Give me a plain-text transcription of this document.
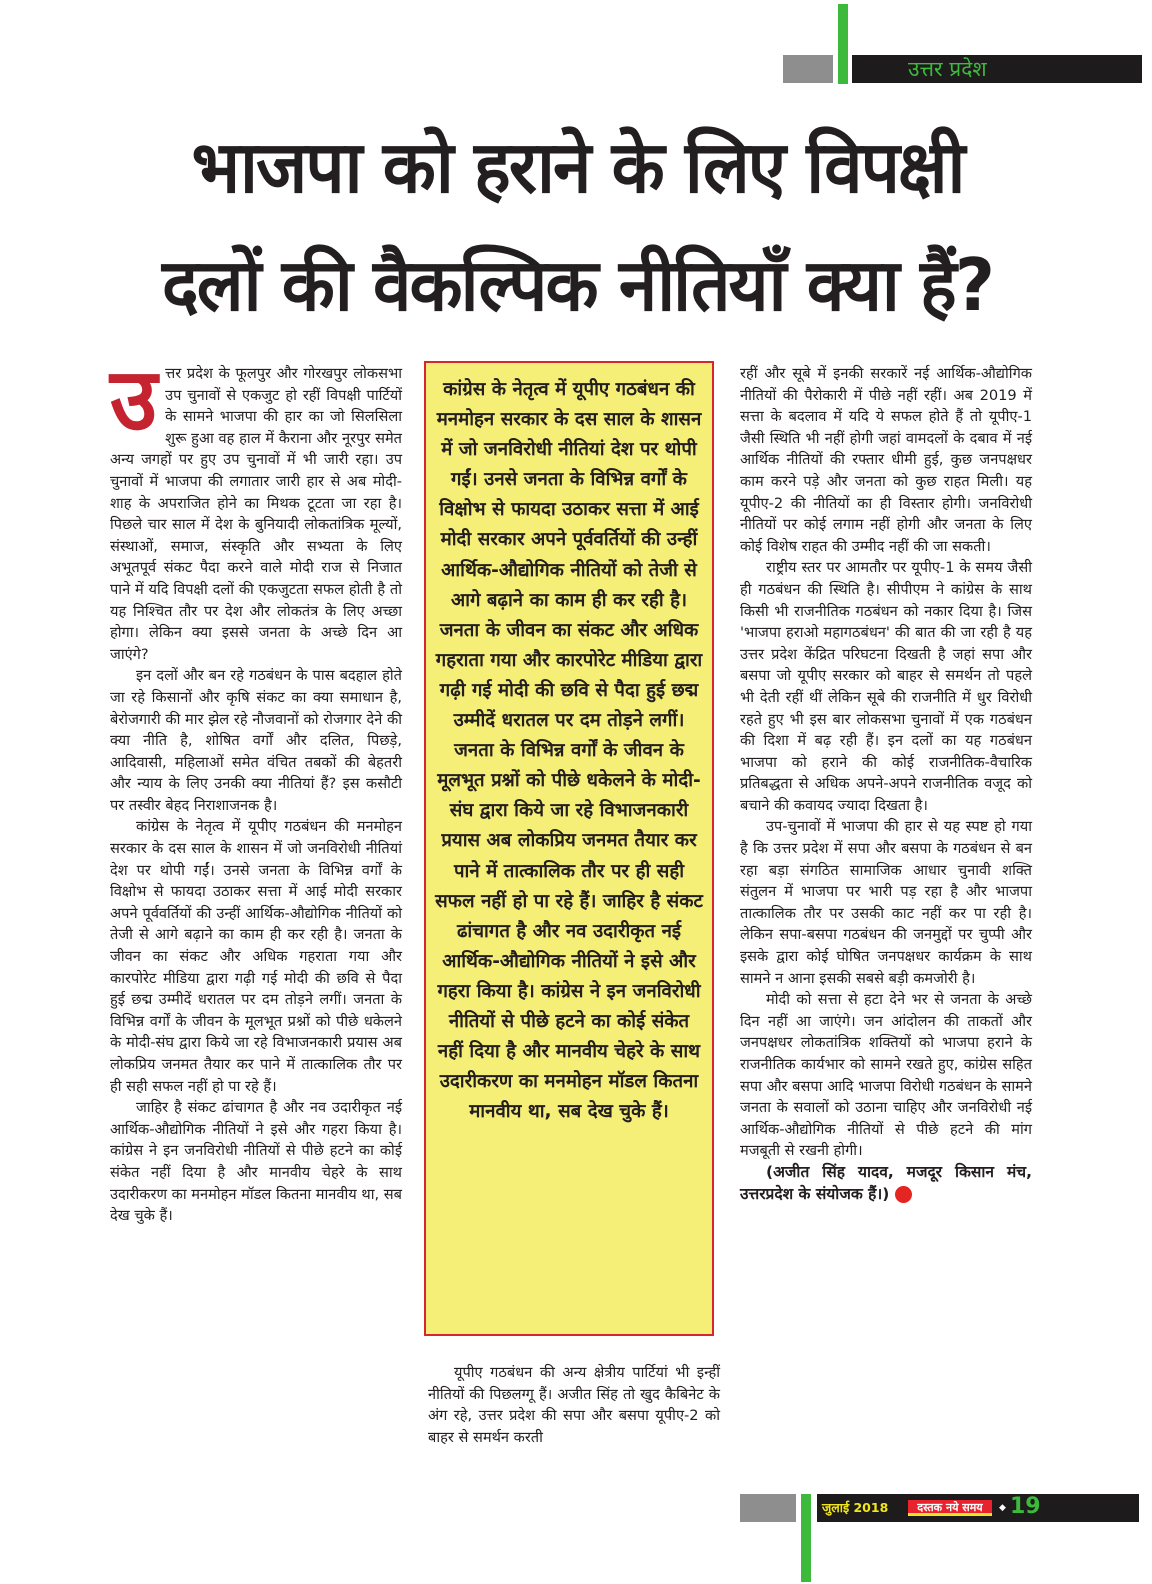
उत्तर प्रदेश
भाजपा को हराने के लिए विपक्षी
दलों की वैकल्पिक नीतियाँ क्या हैं?

उत्तर प्रदेश के फूलपुर और गोरखपुर लोकसभा उप चुनावों से एकजुट हो रहीं विपक्षी पार्टियों के सामने भाजपा की हार का जो सिलसिला शुरू हुआ वह हाल में कैराना और नूरपुर समेत अन्य जगहों पर हुए उप चुनावों में भी जारी रहा। उप चुनावों में भाजपा की लगातार जारी हार से अब मोदी-शाह के अपराजित होने का मिथक टूटता जा रहा है। पिछले चार साल में देश के बुनियादी लोकतांत्रिक मूल्यों, संस्थाओं, समाज, संस्कृति और सभ्यता के लिए अभूतपूर्व संकट पैदा करने वाले मोदी राज से निजात पाने में यदि विपक्षी दलों की एकजुटता सफल होती है तो यह निश्चित तौर पर देश और लोकतंत्र के लिए अच्छा होगा। लेकिन क्या इससे जनता के अच्छे दिन आ जाएंगे?

इन दलों और बन रहे गठबंधन के पास बदहाल होते जा रहे किसानों और कृषि संकट का क्या समाधान है, बेरोजगारी की मार झेल रहे नौजवानों को रोजगार देने की क्या नीति है, शोषित वर्गों और दलित, पिछड़े, आदिवासी, महिलाओं समेत वंचित तबकों की बेहतरी और न्याय के लिए उनकी क्या नीतियां हैं? इस कसौटी पर तस्वीर बेहद निराशाजनक है।

कांग्रेस के नेतृत्व में यूपीए गठबंधन की मनमोहन सरकार के दस साल के शासन में जो जनविरोधी नीतियां देश पर थोपी गईं। उनसे जनता के विभिन्न वर्गों के विक्षोभ से फायदा उठाकर सत्ता में आई मोदी सरकार अपने पूर्ववर्तियों की उन्हीं आर्थिक-औद्योगिक नीतियों को तेजी से आगे बढ़ाने का काम ही कर रही है। जनता के जीवन का संकट और अधिक गहराता गया और कारपोरेट मीडिया द्वारा गढ़ी गई मोदी की छवि से पैदा हुई छद्म उम्मीदें धरातल पर दम तोड़ने लगीं। जनता के विभिन्न वर्गों के जीवन के मूलभूत प्रश्नों को पीछे धकेलने के मोदी-संघ द्वारा किये जा रहे विभाजनकारी प्रयास अब लोकप्रिय जनमत तैयार कर पाने में तात्कालिक तौर पर ही सही सफल नहीं हो पा रहे हैं।

जाहिर है संकट ढांचागत है और नव उदारीकृत नई आर्थिक-औद्योगिक नीतियों ने इसे और गहरा किया है। कांग्रेस ने इन जनविरोधी नीतियों से पीछे हटने का कोई संकेत नहीं दिया है और मानवीय चेहरे के साथ उदारीकरण का मनमोहन मॉडल कितना मानवीय था, सब देख चुके हैं।

कांग्रेस के नेतृत्व में यूपीए गठबंधन की मनमोहन सरकार के दस साल के शासन में जो जनविरोधी नीतियां देश पर थोपी गईं। उनसे जनता के विभिन्न वर्गों के विक्षोभ से फायदा उठाकर सत्ता में आई मोदी सरकार अपने पूर्ववर्तियों की उन्हीं आर्थिक-औद्योगिक नीतियों को तेजी से आगे बढ़ाने का काम ही कर रही है। जनता के जीवन का संकट और अधिक गहराता गया और कारपोरेट मीडिया द्वारा गढ़ी गई मोदी की छवि से पैदा हुई छद्म उम्मीदें धरातल पर दम तोड़ने लगीं। जनता के विभिन्न वर्गों के जीवन के मूलभूत प्रश्नों को पीछे धकेलने के मोदी-संघ द्वारा किये जा रहे विभाजनकारी प्रयास अब लोकप्रिय जनमत तैयार कर पाने में तात्कालिक तौर पर ही सही सफल नहीं हो पा रहे हैं। जाहिर है संकट ढांचागत है और नव उदारीकृत नई आर्थिक-औद्योगिक नीतियों ने इसे और गहरा किया है। कांग्रेस ने इन जनविरोधी नीतियों से पीछे हटने का कोई संकेत नहीं दिया है और मानवीय चेहरे के साथ उदारीकरण का मनमोहन मॉडल कितना मानवीय था, सब देख चुके हैं।

यूपीए गठबंधन की अन्य क्षेत्रीय पार्टियां भी इन्हीं नीतियों की पिछलग्गू हैं। अजीत सिंह तो खुद कैबिनेट के अंग रहे, उत्तर प्रदेश की सपा और बसपा यूपीए-2 को बाहर से समर्थन करती

रहीं और सूबे में इनकी सरकारें नई आर्थिक-औद्योगिक नीतियों की पैरोकारी में पीछे नहीं रहीं। अब 2019 में सत्ता के बदलाव में यदि ये सफल होते हैं तो यूपीए-1 जैसी स्थिति भी नहीं होगी जहां वामदलों के दबाव में नई आर्थिक नीतियों की रफ्तार धीमी हुई, कुछ जनपक्षधर काम करने पड़े और जनता को कुछ राहत मिली। यह यूपीए-2 की नीतियों का ही विस्तार होगी। जनविरोधी नीतियों पर कोई लगाम नहीं होगी और जनता के लिए कोई विशेष राहत की उम्मीद नहीं की जा सकती।

राष्ट्रीय स्तर पर आमतौर पर यूपीए-1 के समय जैसी ही गठबंधन की स्थिति है। सीपीएम ने कांग्रेस के साथ किसी भी राजनीतिक गठबंधन को नकार दिया है। जिस 'भाजपा हराओ महागठबंधन' की बात की जा रही है यह उत्तर प्रदेश केंद्रित परिघटना दिखती है जहां सपा और बसपा जो यूपीए सरकार को बाहर से समर्थन तो पहले भी देती रहीं थीं लेकिन सूबे की राजनीति में धुर विरोधी रहते हुए भी इस बार लोकसभा चुनावों में एक गठबंधन की दिशा में बढ़ रही हैं। इन दलों का यह गठबंधन भाजपा को हराने की कोई राजनीतिक-वैचारिक प्रतिबद्धता से अधिक अपने-अपने राजनीतिक वजूद को बचाने की कवायद ज्यादा दिखता है।

उप-चुनावों में भाजपा की हार से यह स्पष्ट हो गया है कि उत्तर प्रदेश में सपा और बसपा के गठबंधन से बन रहा बड़ा संगठित सामाजिक आधार चुनावी शक्ति संतुलन में भाजपा पर भारी पड़ रहा है और भाजपा तात्कालिक तौर पर उसकी काट नहीं कर पा रही है। लेकिन सपा-बसपा गठबंधन की जनमुद्दों पर चुप्पी और इसके द्वारा कोई घोषित जनपक्षधर कार्यक्रम के साथ सामने न आना इसकी सबसे बड़ी कमजोरी है।

मोदी को सत्ता से हटा देने भर से जनता के अच्छे दिन नहीं आ जाएंगे। जन आंदोलन की ताकतों और जनपक्षधर लोकतांत्रिक शक्तियों को भाजपा हराने के राजनीतिक कार्यभार को सामने रखते हुए, कांग्रेस सहित सपा और बसपा आदि भाजपा विरोधी गठबंधन के सामने जनता के सवालों को उठाना चाहिए और जनविरोधी नई आर्थिक-औद्योगिक नीतियों से पीछे हटने की मांग मजबूती से रखनी होगी।

(अजीत सिंह यादव, मजदूर किसान मंच, उत्तरप्रदेश के संयोजक हैं।)

जुलाई 2018	दस्तक नये समय	◆ 19
